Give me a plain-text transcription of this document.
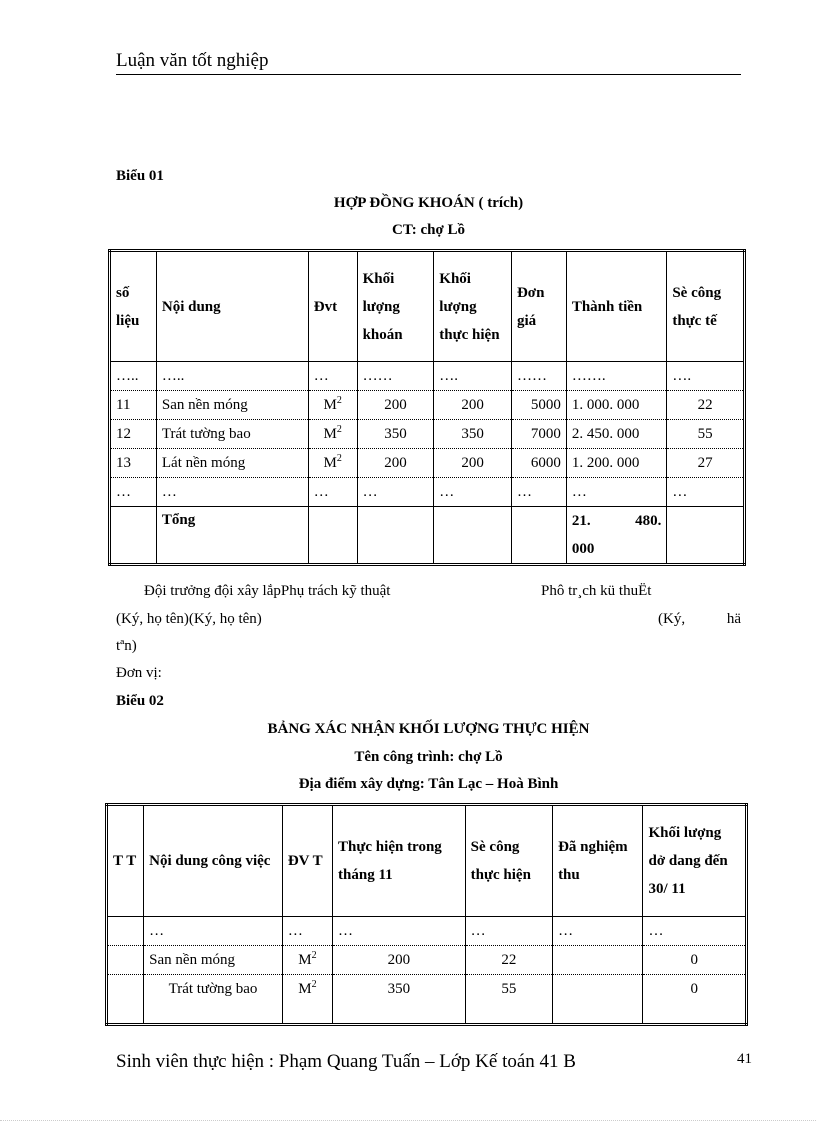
Luận văn tốt nghiệp
Biểu 01
HỢP ĐỒNG KHOÁN ( trích)
CT: chợ Lồ
số liệu	Nội dung	Đvt	Khối lượng khoán	Khối lượng thực hiện	Đơn giá	Thành tiền	Sè công thực tế
…..	…..	…	……	….	……	…….	….
11	San nền móng	$M^2$	200	200	5000	1. 000. 000	22
12	Trát tường bao	$M^2$	350	350	7000	2. 450. 000	55
13	Lát nền móng	$M^2$	200	200	6000	1. 200. 000	27
…	…	…	…	…	…	…	…
	Tổng					21. 480.
000	

Đội trưởng đội xây lắpPhụ trách kỹ thuật	Phô tr¸ch kü thuËt
(Ký, họ tên)(Ký, họ tên)	(Ký,	hä
tªn)
Đơn vị:
Biểu 02
BẢNG XÁC NHẬN KHỐI LƯỢNG THỰC HIỆN
Tên công trình: chợ Lồ
Địa điểm xây dựng: Tân Lạc – Hoà Bình
T T	Nội dung công việc	ĐV T	Thực hiện trong tháng 11	Sè công thực hiện	Đã nghiệm thu	Khối lượng dở dang đến 30/ 11
	…	…	…	…	…	…
	San nền móng	$M^2$	200	22		0
	Trát tường bao	$M^2$	350	55		0
Sinh viên thực hiện : Phạm Quang Tuấn – Lớp Kế toán 41 B	41
